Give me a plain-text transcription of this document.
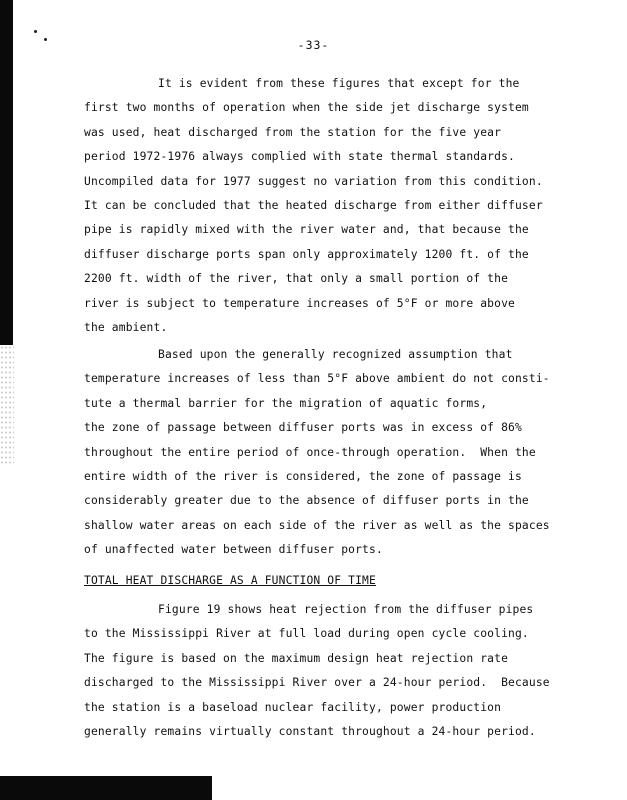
-33-
It is evident from these figures that except for the
first two months of operation when the side jet discharge system
was used, heat discharged from the station for the five year
period 1972-1976 always complied with state thermal standards.
Uncompiled data for 1977 suggest no variation from this condition.
It can be concluded that the heated discharge from either diffuser
pipe is rapidly mixed with the river water and, that because the
diffuser discharge ports span only approximately 1200 ft. of the
2200 ft. width of the river, that only a small portion of the
river is subject to temperature increases of 5°F or more above
the ambient.
Based upon the generally recognized assumption that
temperature increases of less than 5°F above ambient do not consti-
tute a thermal barrier for the migration of aquatic forms,
the zone of passage between diffuser ports was in excess of 86%
throughout the entire period of once-through operation.  When the
entire width of the river is considered, the zone of passage is
considerably greater due to the absence of diffuser ports in the
shallow water areas on each side of the river as well as the spaces
of unaffected water between diffuser ports.
TOTAL HEAT DISCHARGE AS A FUNCTION OF TIME
Figure 19 shows heat rejection from the diffuser pipes
to the Mississippi River at full load during open cycle cooling.
The figure is based on the maximum design heat rejection rate
discharged to the Mississippi River over a 24-hour period.  Because
the station is a baseload nuclear facility, power production
generally remains virtually constant throughout a 24-hour period.
